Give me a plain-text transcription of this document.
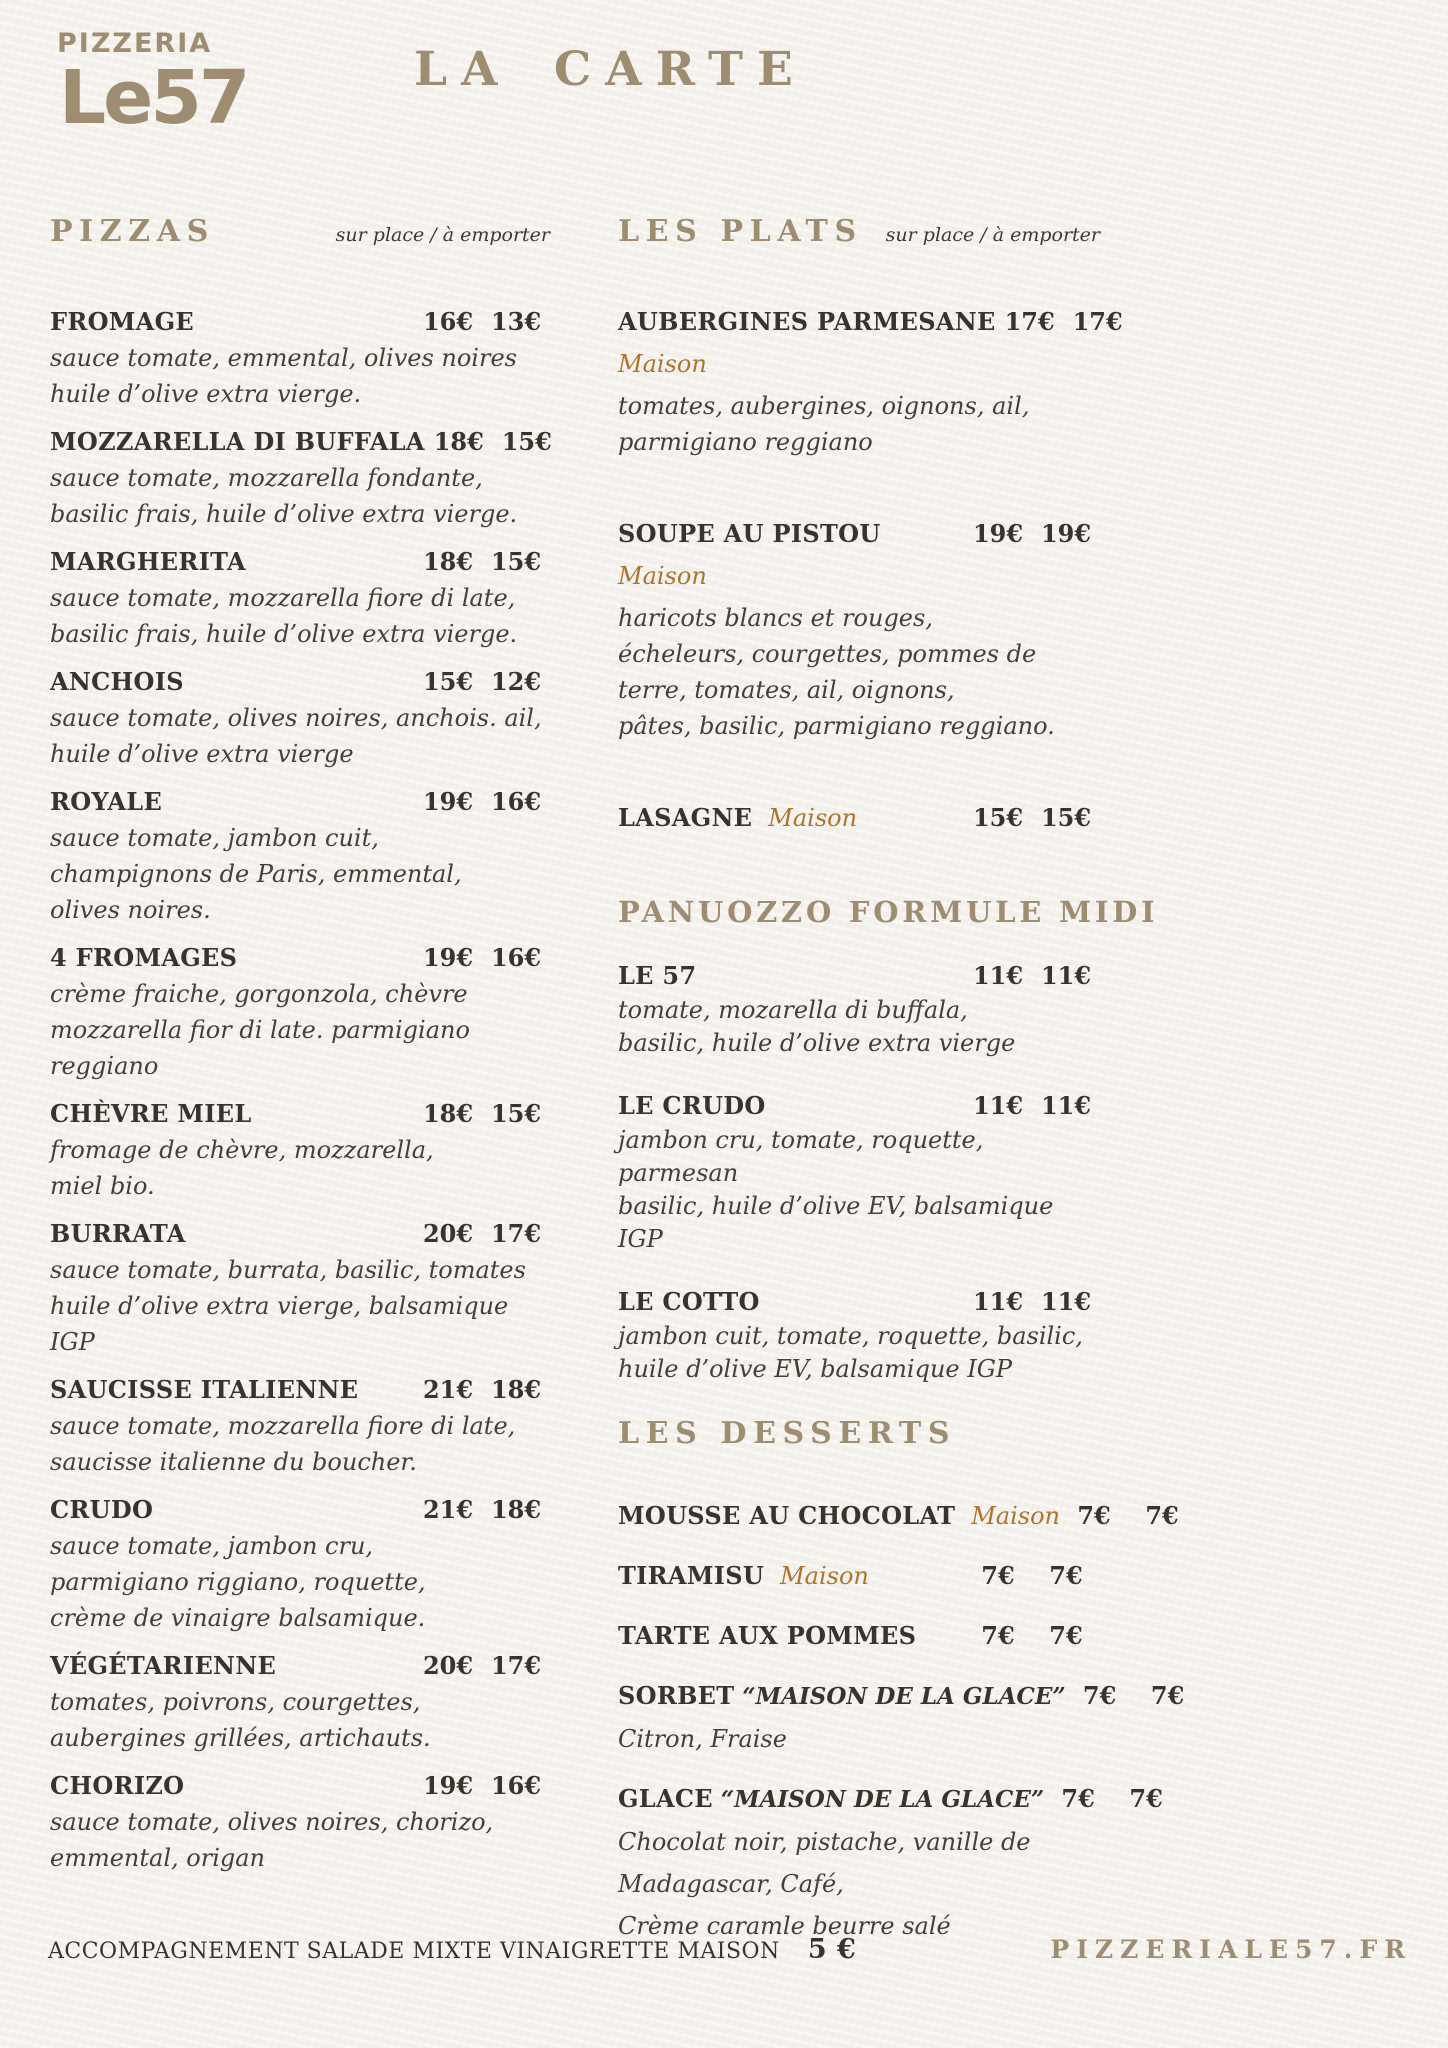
PIZZERIA
Le57	LA CARTE
PIZZAS	sur place / à emporter
FROMAGE	16€ 13€
sauce tomate, emmental, olives noires
huile d’olive extra vierge.
MOZZARELLA DI BUFFALA 18€ 15€
sauce tomate, mozzarella fondante,
basilic frais, huile d’olive extra vierge.
MARGHERITA	18€ 15€
sauce tomate, mozzarella fiore di late,
basilic frais, huile d’olive extra vierge.
ANCHOIS	15€ 12€
sauce tomate, olives noires, anchois. ail,
huile d’olive extra vierge
ROYALE	19€ 16€
sauce tomate, jambon cuit,
champignons de Paris, emmental,
olives noires.
4 FROMAGES	19€ 16€
crème fraiche, gorgonzola, chèvre
mozzarella fior di late. parmigiano
reggiano
CHÈVRE MIEL	18€ 15€
fromage de chèvre, mozzarella,
miel bio.
BURRATA	20€ 17€
sauce tomate, burrata, basilic, tomates
huile d’olive extra vierge, balsamique IGP
SAUCISSE ITALIENNE	21€ 18€
sauce tomate, mozzarella fiore di late,
saucisse italienne du boucher.
CRUDO	21€ 18€
sauce tomate, jambon cru,
parmigiano riggiano, roquette,
crème de vinaigre balsamique.
VÉGÉTARIENNE	20€ 17€
tomates, poivrons, courgettes,
aubergines grillées, artichauts.
CHORIZO	19€ 16€
sauce tomate, olives noires, chorizo,
emmental, origan
LES PLATS sur place / à emporter
AUBERGINES PARMESANE 17€ 17€
Maison
tomates, aubergines, oignons, ail,
parmigiano reggiano
SOUPE AU PISTOU	19€ 19€
Maison
haricots blancs et rouges,
écheleurs, courgettes, pommes de
terre, tomates, ail, oignons,
pâtes, basilic, parmigiano reggiano.
LASAGNE Maison	15€ 15€
PANUOZZO FORMULE MIDI
LE 57	11€ 11€
tomate, mozarella di buffala,
basilic, huile d’olive extra vierge
LE CRUDO	11€ 11€
jambon cru, tomate, roquette, parmesan
basilic, huile d’olive EV, balsamique IGP
LE COTTO	11€ 11€
jambon cuit, tomate, roquette, basilic,
huile d’olive EV, balsamique IGP
LES DESSERTS
MOUSSE AU CHOCOLAT Maison 7€	7€
TIRAMISU Maison	7€	7€
TARTE AUX POMMES	7€	7€
SORBET “MAISON DE LA GLACE” 7€	7€
Citron, Fraise
GLACE “MAISON DE LA GLACE” 7€	7€
Chocolat noir, pistache, vanille de
Madagascar, Café,
Crème caramle beurre salé
ACCOMPAGNEMENT SALADE MIXTE VINAIGRETTE MAISON 5 €	PIZZERIALE57.FR
